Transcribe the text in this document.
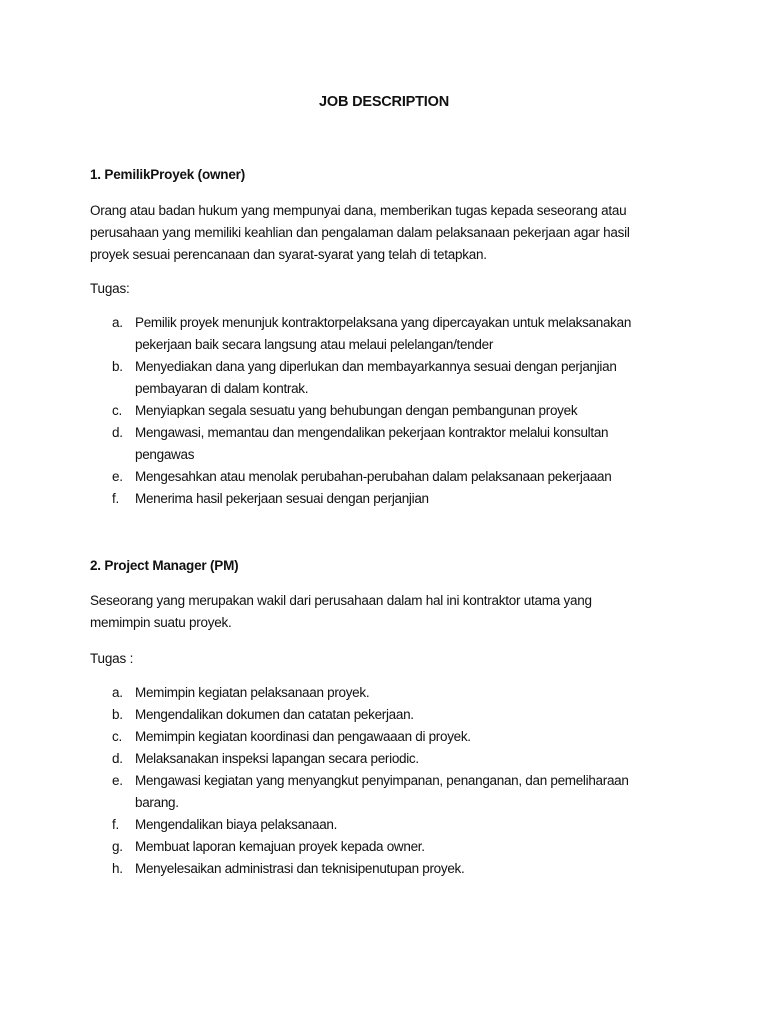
JOB DESCRIPTION
1. PemilikProyek (owner)
Orang atau badan hukum yang mempunyai dana, memberikan tugas kepada seseorang atau
perusahaan yang memiliki keahlian dan pengalaman dalam pelaksanaan pekerjaan agar hasil
proyek sesuai perencanaan dan syarat-syarat yang telah di tetapkan.
Tugas:
a. Pemilik proyek menunjuk kontraktorpelaksana yang dipercayakan untuk melaksanakan
pekerjaan baik secara langsung atau melaui pelelangan/tender
b. Menyediakan dana yang diperlukan dan membayarkannya sesuai dengan perjanjian
pembayaran di dalam kontrak.
c. Menyiapkan segala sesuatu yang behubungan dengan pembangunan proyek
d. Mengawasi, memantau dan mengendalikan pekerjaan kontraktor melalui konsultan
pengawas
e. Mengesahkan atau menolak perubahan-perubahan dalam pelaksanaan pekerjaaan
f. Menerima hasil pekerjaan sesuai dengan perjanjian
2. Project Manager (PM)
Seseorang yang merupakan wakil dari perusahaan dalam hal ini kontraktor utama yang
memimpin suatu proyek.
Tugas :
a. Memimpin kegiatan pelaksanaan proyek.
b. Mengendalikan dokumen dan catatan pekerjaan.
c. Memimpin kegiatan koordinasi dan pengawaaan di proyek.
d. Melaksanakan inspeksi lapangan secara periodic.
e. Mengawasi kegiatan yang menyangkut penyimpanan, penanganan, dan pemeliharaan
barang.
f. Mengendalikan biaya pelaksanaan.
g. Membuat laporan kemajuan proyek kepada owner.
h. Menyelesaikan administrasi dan teknisipenutupan proyek.
